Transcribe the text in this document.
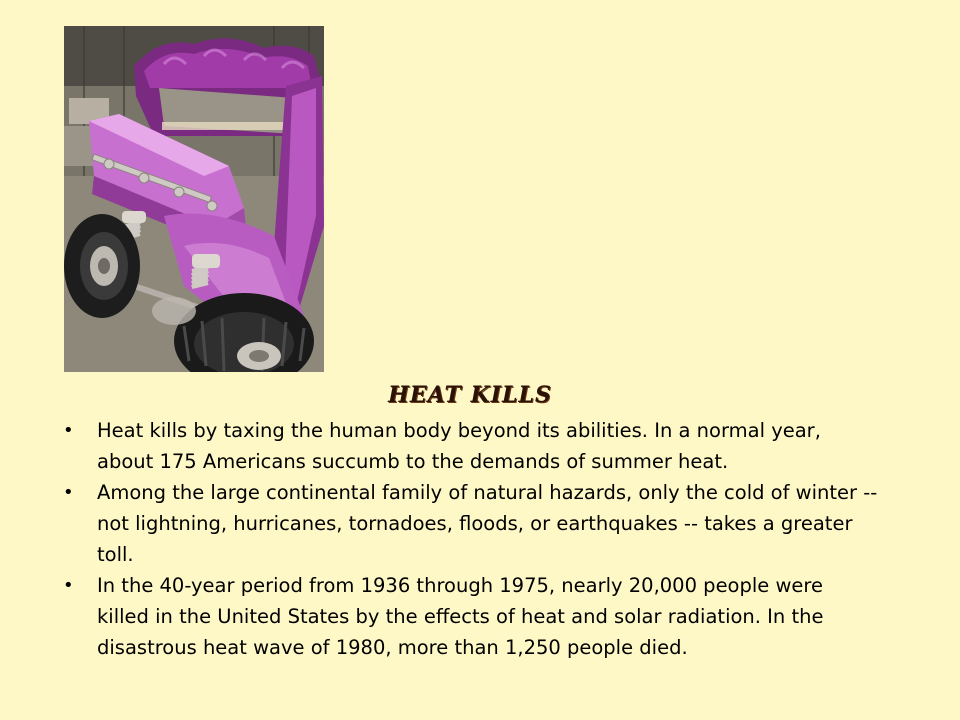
HEAT KILLS
• Heat kills by taxing the human body beyond its abilities. In a normal year, about 175 Americans succumb to the demands of summer heat.
• Among the large continental family of natural hazards, only the cold of winter -- not lightning, hurricanes, tornadoes, floods, or earthquakes -- takes a greater toll.
• In the 40-year period from 1936 through 1975, nearly 20,000 people were killed in the United States by the effects of heat and solar radiation. In the disastrous heat wave of 1980, more than 1,250 people died.
